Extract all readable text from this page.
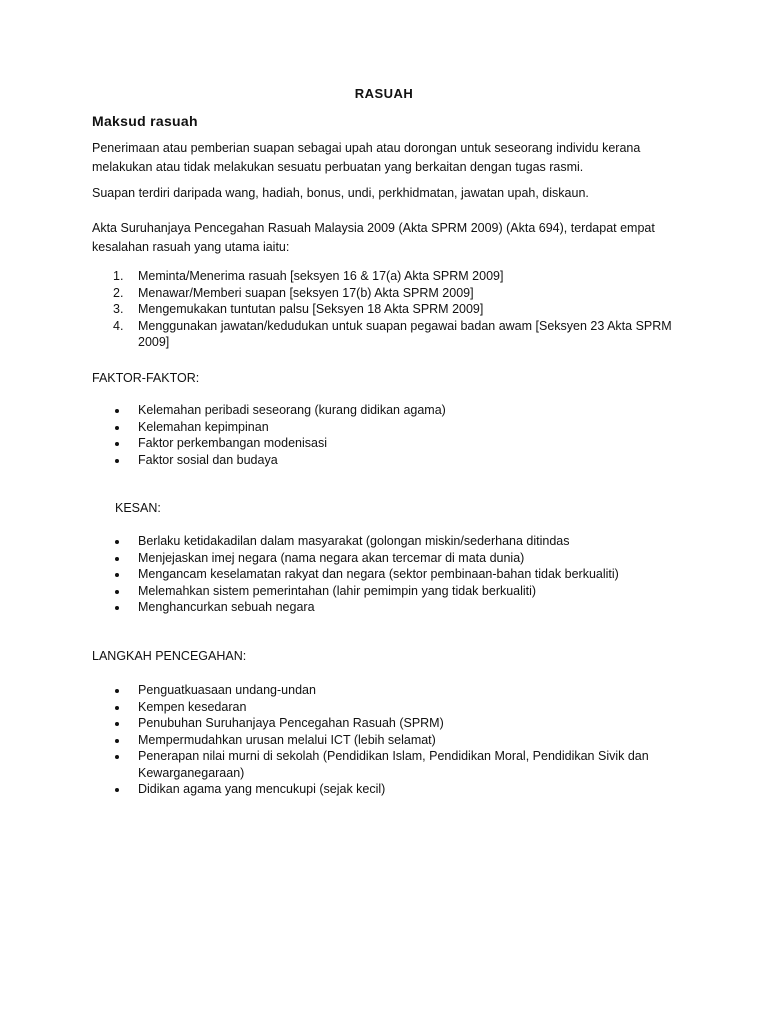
RASUAH
Maksud rasuah
Penerimaan atau pemberian suapan sebagai upah atau dorongan untuk seseorang individu kerana melakukan atau tidak melakukan sesuatu perbuatan yang berkaitan dengan tugas rasmi.
Suapan terdiri daripada wang, hadiah, bonus, undi, perkhidmatan, jawatan upah, diskaun.
Akta Suruhanjaya Pencegahan Rasuah Malaysia 2009 (Akta SPRM 2009) (Akta 694), terdapat empat kesalahan rasuah yang utama iaitu:
1. Meminta/Menerima rasuah [seksyen 16 & 17(a) Akta SPRM 2009]
2. Menawar/Memberi suapan [seksyen 17(b) Akta SPRM 2009]
3. Mengemukakan tuntutan palsu [Seksyen 18 Akta SPRM 2009]
4. Menggunakan jawatan/kedudukan untuk suapan pegawai badan awam [Seksyen 23 Akta SPRM 2009]
FAKTOR-FAKTOR:
Kelemahan peribadi seseorang (kurang didikan agama)
Kelemahan kepimpinan
Faktor perkembangan modenisasi
Faktor sosial dan budaya
KESAN:
Berlaku ketidakadilan dalam masyarakat (golongan miskin/sederhana ditindas
Menjejaskan imej negara (nama negara akan tercemar di mata dunia)
Mengancam keselamatan rakyat dan negara (sektor pembinaan-bahan tidak berkualiti)
Melemahkan sistem pemerintahan (lahir pemimpin yang tidak berkualiti)
Menghancurkan sebuah negara
LANGKAH PENCEGAHAN:
Penguatkuasaan undang-undan
Kempen kesedaran
Penubuhan Suruhanjaya Pencegahan Rasuah (SPRM)
Mempermudahkan urusan melalui ICT (lebih selamat)
Penerapan nilai murni di sekolah (Pendidikan Islam, Pendidikan Moral, Pendidikan Sivik dan Kewarganegaraan)
Didikan agama yang mencukupi (sejak kecil)
